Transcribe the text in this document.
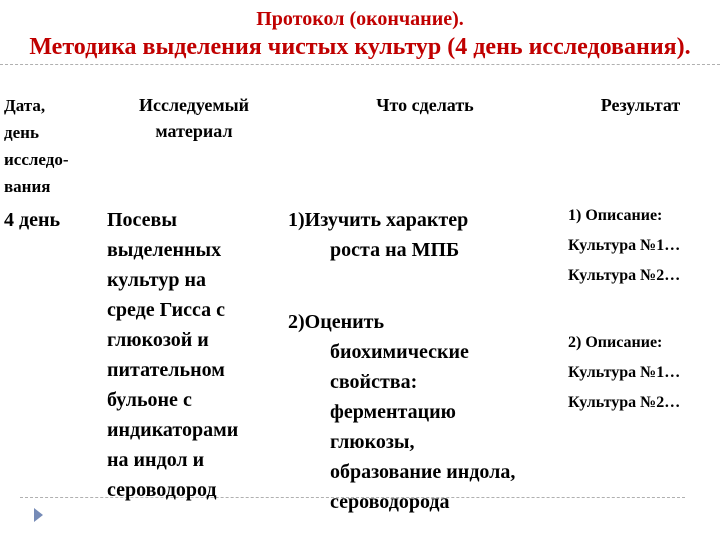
Протокол (окончание).
Методика выделения чистых культур (4 день исследования).
Дата,
день
исследо-
вания
Исследуемый
материал
Что сделать	Результат
4 день Посевы
выделенных
культур на
среде Гисса с
глюкозой и
питательном
бульоне с
индикаторами
на индол и
сероводород
1)Изучить характер
роста на МПБ
2)Оценить
биохимические
свойства:
ферментацию
глюкозы,
образование индола,
сероводорода
1) Описание:
Культура №1…
Культура №2…
2) Описание:
Культура №1…
Культура №2…
